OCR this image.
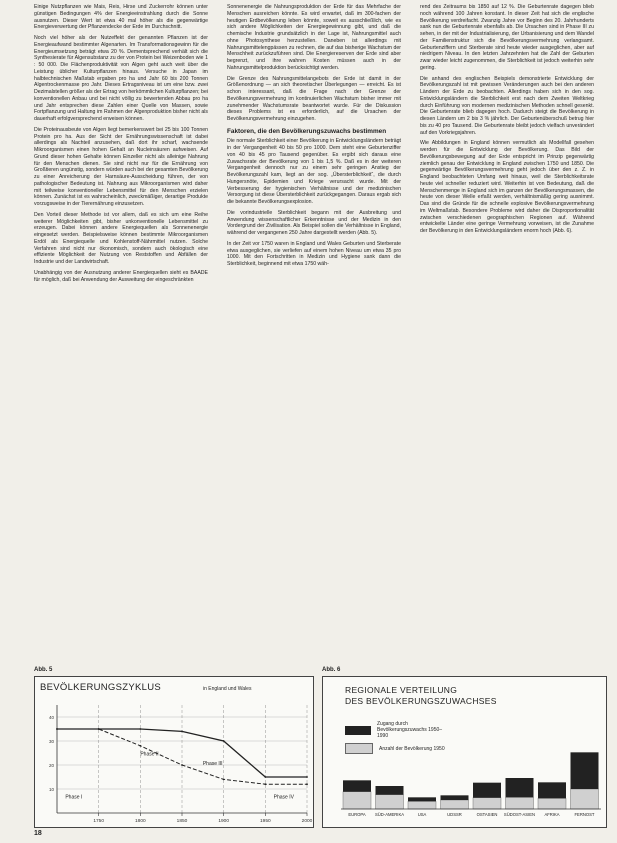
Einige Nutzpflanzen wie Mais, Reis, Hirse und Zuckerrohr können unter günstigen Bedingungen 4% der Energieeinstrahlung durch die Sonne ausnutzen. Dieser Wert ist etwa 40 mal höher als die gegenwärtige Energieverwertung der Pflanzendecke der Erde im Durchschnitt.

Noch viel höher als der Nutzeffekt der genannten Pflanzen ist der Energieaufwand bestimmter Algenarten. Im Transformationsgewinn für die Energieumsetzung beträgt etwa 20 %. Dementsprechend verhält sich die Synthesierate für Algensubstanz zu der von Protein bei Weizenboden wie 1 : 50 000. Die Flächenproduktivität von Algen geht auch weit über die Leistung üblicher Kulturpflanzen hinaus. Versuche in Japan im halbtechnischen Maßstab ergaben pro ha und Jahr 60 bis 200 Tonnen Algentrockenmasse pro Jahr. Dieses Ertragsniveau ist um eine bzw. zwei Dezimalstellen größer als der Ertrag von herkömmlichen Kulturpflanzen; bei konventionellen Anbau und bei nicht völlig zu bewertenden Abbau pro ha und Jahr entsprechen diese Zahlen einer Quelle von Massen, sowie Fortpflanzung und Haltung im Rahmen der Algenproduktion bisher nicht als dauerhaft erfolgversprechend erweisen können.

Die Proteinausbeute von Algen liegt bemerkenswert bei 25 bis 100 Tonnen Protein pro ha. Aus der Sicht der Ernährungswissenschaft ist dabei allerdings als Nachteil anzusehen, daß dort ihr scharf, wachsende Mikroorganismen einen hohen Gehalt an Nucleinsäuren aufweisen. Auf Grund dieser hohen Gehalte können Einzeller nicht als alleinige Nahrung für den Menschen dienen. Sie sind nicht nur für die Ernährung von Großtieren ungünstig, sondern würden auch bei der gesamten Bevölkerung zu einer Anreicherung der Harnsäure-Ausscheidung führen, der von pathologischer Bedeutung ist. Nahrung aus Mikroorganismen wird daher mit teilweise konventioneller Lebensmittel für den Menschen erzielen können. Zunächst ist es wahrscheinlich, zweckmäßiger, derartige Produkte vorzugsweise in der Tierernährung einzusetzen.

Den Vorteil dieser Methode ist vor allem, daß es sich um eine Reihe weiterer Möglichkeiten gibt, bisher unkonventionelle Lebensmittel zu erzeugen. Dabei können andere Energiequellen als Sonnenenergie eingesetzt werden. Beispielsweise können bestimmte Mikroorganismen Erdöl als Energiequelle und Kohlenstoff-Nährmittel nutzen. Solche Verfahren sind nicht nur ökonomisch, sondern auch ökologisch eine effiziente Möglichkeit der Nutzung von Reststoffen und Abfällen der Industrie und der Landwirtschaft.

Unabhängig von der Ausnutzung anderer Energiequellen sieht es BAADE für möglich, daß bei Anwendung der Ausweitung der eingeschränkten

Sonnenenergie die Nahrungsproduktion der Erde für das Mehrfache der Menschen ausreichen könnte. Es wird erwartet, daß im 300-fachen der heutigen Erdbevölkerung leben könnte, soweit es ausschließlich, wie es sich andere Möglichkeiten der Energiegewinnung gibt, und daß die chemische Industrie grundsätzlich in der Lage ist, Nahrungsmittel auch ohne Photosynthese herzustellen. Daneben ist allerdings mit Nahrungsmittelengpässen zu rechnen, die auf das bisherige Wachstum der Menschheit zurückzuführen sind. Die Energiereserven der Erde sind aber begrenzt, und ihre wahren Kosten müssen auch in der Nahrungsmittelproduktion berücksichtigt werden.

Die Grenze des Nahrungsmittelangebots der Erde ist damit in der Größenordnung — an sich theoretischer Überlegungen — erreicht. Es ist schon interessant, daß die Frage nach der Grenze der Bevölkerungsvermehrung im kontinuierlichen Wachstum bisher immer mit zunehmender Wachstumsrate beantwortet wurde. Für die Diskussion dieses Problems ist es erforderlich, auf die Ursachen der Bevölkerungsvermehrung einzugehen.

Faktoren, die den Bevölkerungszuwachs bestimmen

Die normale Sterblichkeit einer Bevölkerung in Entwicklungsländern beträgt in der Vergangenheit 40 bis 50 pro 1000. Dem steht eine Geburtenziffer von 40 bis 45 pro Tausend gegenüber. Es ergibt sich daraus eine Zuwachsrate der Bevölkerung von 1 bis 1,5 %. Daß es in der weiteren Vergangenheit dennoch nur zu einem sehr geringen Anstieg der Bevölkerungszahl kam, liegt an der sog. „Übersterblichkeit“, die durch Hungersnöte, Epidemien und Kriege verursacht wurde. Mit der Verbesserung der hygienischen Verhältnisse und der medizinischen Versorgung ist diese Übersterblichkeit zurückgegangen. Daraus ergab sich die bekannte Bevölkerungsexplosion.

Die vorindustrielle Sterblichkeit begann mit der Ausbreitung und Anwendung wissenschaftlicher Erkenntnisse und der Medizin in den Vordergrund der Zivilisation. Als Beispiel sollen die Verhältnisse in England, während der vergangenen 250 Jahre dargestellt werden (Abb. 5).

In der Zeit vor 1750 waren in England und Wales Geburten und Sterberate etwa ausgeglichen, sie verliefen auf einem hohen Niveau um etwa 35 pro 1000. Mit den Fortschritten in Medizin und Hygiene sank dann die Sterblichkeit, beginnend mit etwa 1750 wäh-

rend des Zeitraums bis 1850 auf 12 %. Die Geburtenrate dagegen blieb noch während 100 Jahren konstant. In dieser Zeit hat sich die englische Bevölkerung verdreifacht. Zwanzig Jahre vor Beginn des 20. Jahrhunderts sank nun die Geburtenrate ebenfalls ab. Die Ursachen sind in Phase III zu sehen, in der mit der Industrialisierung, der Urbanisierung und dem Wandel der Familienstruktur sich die Bevölkerungsvermehrung verlangsamt. Geburtenziffern und Sterberate sind heute wieder ausgeglichen, aber auf niedrigem Niveau. In den letzten Jahrzehnten hat die Zahl der Geburten zwar wieder leicht zugenommen, die Sterblichkeit ist jedoch weiterhin sehr gering.

Die anhand des englischen Beispiels demonstrierte Entwicklung der Bevölkerungszahl ist mit gewissen Veränderungen auch bei den anderen Ländern der Erde zu beobachten. Allerdings haben sich in den sog. Entwicklungsländern die Sterblichkeit erst nach dem Zweiten Weltkrieg durch Einführung von modernen medizinischen Methoden schnell gesenkt. Die Geburtenrate blieb dagegen hoch. Dadurch steigt die Bevölkerung in diesen Ländern um 2 bis 3 % jährlich. Der Geburtenüberschuß betrug hier bis zu 40 pro Tausend. Die Geburtenrate bleibt jedoch vielfach unverändert auf den Vorkriegsjahren.

Wie Abbildungen in England können vermutlich als Modellfall gesehen werden für die Entwicklung der Bevölkerung. Das Bild der Bevölkerungsbewegung auf der Erde entspricht im Prinzip gegenwärtig ziemlich genau der Entwicklung in England zwischen 1750 und 1850. Die gegenwärtige Bevölkerungsvermehrung geht jedoch über den z. Z. in England beobachteten Umfang weit hinaus, weil die Sterblichkeitsrate heute viel schneller reduziert wird. Weiterhin ist von Bedeutung, daß die Menschenmenge in England sich im ganzen der Bevölkerungsmassen, die heute von dieser Welle erfaßt werden, verhältnismäßig gering ausnimmt. Das sind die Gründe für die schnelle explosive Bevölkerungsvermehrung im Weltmaßstab. Besondere Probleme wird daher die Disproportionalität zwischen verschiedenen geographischen Regionen auf. Während entwickelte Länder eine geringe Vermehrung vorweisen, ist die Zunahme der Bevölkerung in den Entwicklungsländern enorm hoch (Abb. 6).

Abb. 5	Abb. 6
BEVÖLKERUNGSZYKLUS	in England und Wales
40
30
20
10
1750	1800	1850	1900	1950	2000
Phase I
Phase II
Phase III
Phase IV
REGIONALE VERTEILUNG
DES BEVÖLKERUNGSZUWACHSES
Zugang durch Bevölkerungszuwachs 1950–1990
Anzahl der Bevölkerung 1950
EUROPA SÜD-AMERIKA	USA	UDSSR	OSTASIEN SÜDOST-ASIEN AFRIKA	FERNOST
18
